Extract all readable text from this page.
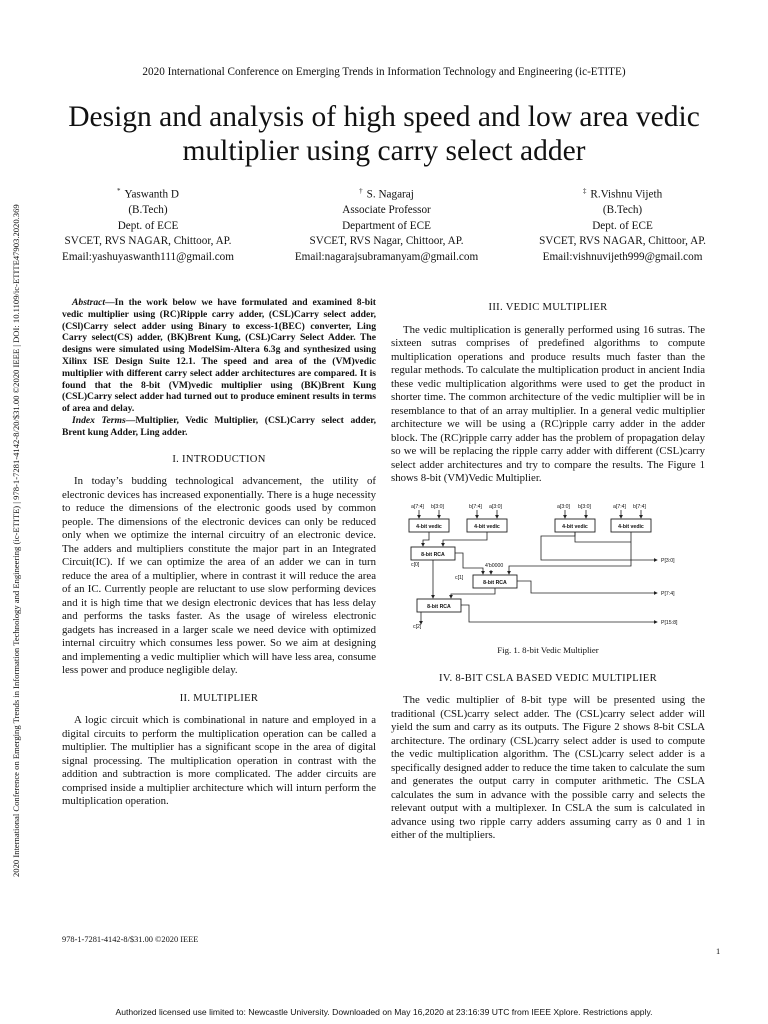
2020 International Conference on Emerging Trends in Information Technology and Engineering (ic-ETITE)
Design and analysis of high speed and low area vedic multiplier using carry select adder
2020 International Conference on Emerging Trends in Information Technology and Engineering (ic-ETITE) | 978-1-7281-4142-8/20/$31.00 ©2020 IEEE | DOI: 10.1109/ic-ETITE47903.2020.369
* Yaswanth D
(B.Tech)
Dept. of ECE
SVCET, RVS NAGAR, Chittoor, AP.
Email:yashuyaswanth111@gmail.com
† S. Nagaraj
Associate Professor
Department of ECE
SVCET, RVS Nagar, Chittoor, AP.
Email:nagarajsubramanyam@gmail.com
‡ R.Vishnu Vijeth
(B.Tech)
Dept. of ECE
SVCET, RVS NAGAR, Chittoor, AP.
Email:vishnuvijeth999@gmail.com

Abstract—In the work below we have formulated and examined 8-bit vedic multiplier using (RC)Ripple carry adder, (CSL)Carry select adder, (CSl)Carry select adder using Binary to excess-1(BEC) converter, Ling Carry select(CS) adder, (BK)Brent Kung, (CSL)Carry Select Adder. The designs were simulated using ModelSim-Altera 6.3g and synthesized using Xilinx ISE Design Suite 12.1. The speed and area of the (VM)vedic multiplier with different carry select adder architectures are compared. It is found that the 8-bit (VM)vedic multiplier using (BK)Brent Kung (CSL)Carry select adder had turned out to produce eminent results in terms of area and delay.

Index Terms—Multiplier, Vedic Multiplier, (CSL)Carry select adder, Brent kung Adder, Ling adder.

I. INTRODUCTION

In today’s budding technological advancement, the utility of electronic devices has increased exponentially. There is a huge necessity to reduce the dimensions of the electronic goods used by common people. The dimensions of the electronic devices can only be reduced only when we optimize the internal circuitry of an electronic device. The adders and multipliers constitute the major part in an Integrated Circuit(IC). If we can optimize the area of an adder we can in turn reduce the area of a multiplier, where in contrast it will reduce the area of an IC. Currently people are reluctant to use slow performing devices and it is high time that we design electronic devices that has less delay and performs the tasks faster. As the usage of wireless electronic gadgets has increased in a larger scale we need device with optimized internal circuitry which consumes less power. So we aim at designing and implementing a vedic multiplier which will have less area, consume less power and produce negligible delay.

II. MULTIPLIER

A logic circuit which is combinational in nature and employed in a digital circuits to perform the multiplication operation can be called a multiplier. The multiplier has a significant scope in the area of digital signal processing. The multiplication operation in contrast with the addition and subtraction is more complicated. The adder circuits are comprised inside a multiplier architecture which will inturn perform the multiplication operation.

III. VEDIC MULTIPLIER

The vedic multiplication is generally performed using 16 sutras. The sixteen sutras comprises of predefined algorithms to compute multiplication operations and produce results much faster than the regular methods. To calculate the multiplication product in ancient India these vedic multiplication algorithms were used to get the product in shorter time. The common architecture of the vedic multiplier will be in resemblance to that of an array multiplier. In a general vedic multiplier architecture we will be using a (RC)ripple carry adder in the adder block. The (RC)ripple carry adder has the problem of propagation delay so we will be replacing the ripple carry adder with different (CSL)carry select adder architectures and try to compare the results. The Figure 1 shows 8-bit (VM)Vedic Multiplier.

a[7:4] b[3:0]	b[7:4] a[3:0]	a[3:0] b[3:0]	a[7:4] b[7:4]
4-bit vedic	4-bit vedic	4-bit vedic	4-bit vedic
8-bit RCA
8-bit RCA
8-bit RCA
4'b0000
c[0]
c[1]
c[2]
P[3:0]
P[7:4]
P[15:8]
Fig. 1. 8-bit Vedic Multiplier
IV. 8-BIT CSLA BASED VEDIC MULTIPLIER

The vedic multiplier of 8-bit type will be presented using the traditional (CSL)carry select adder. The (CSL)carry select adder will yield the sum and carry as its outputs. The Figure 2 shows 8-bit CSLA architecture. The ordinary (CSL)carry select adder is used to compute the vedic multiplication algorithm. The (CSL)carry select adder is a specifically designed adder to reduce the time taken to calculate the sum and generates the output carry in computer arithmetic. The CSLA calculates the sum in advance with the possible carry and selects the relevant output with a multiplexer. In CSLA the sum is calculated in advance using two ripple carry adders assuming carry as 0 and 1 in either of the multipliers.

978-1-7281-4142-8/$31.00 ©2020 IEEE
1
Authorized licensed use limited to: Newcastle University. Downloaded on May 16,2020 at 23:16:39 UTC from IEEE Xplore. Restrictions apply.
